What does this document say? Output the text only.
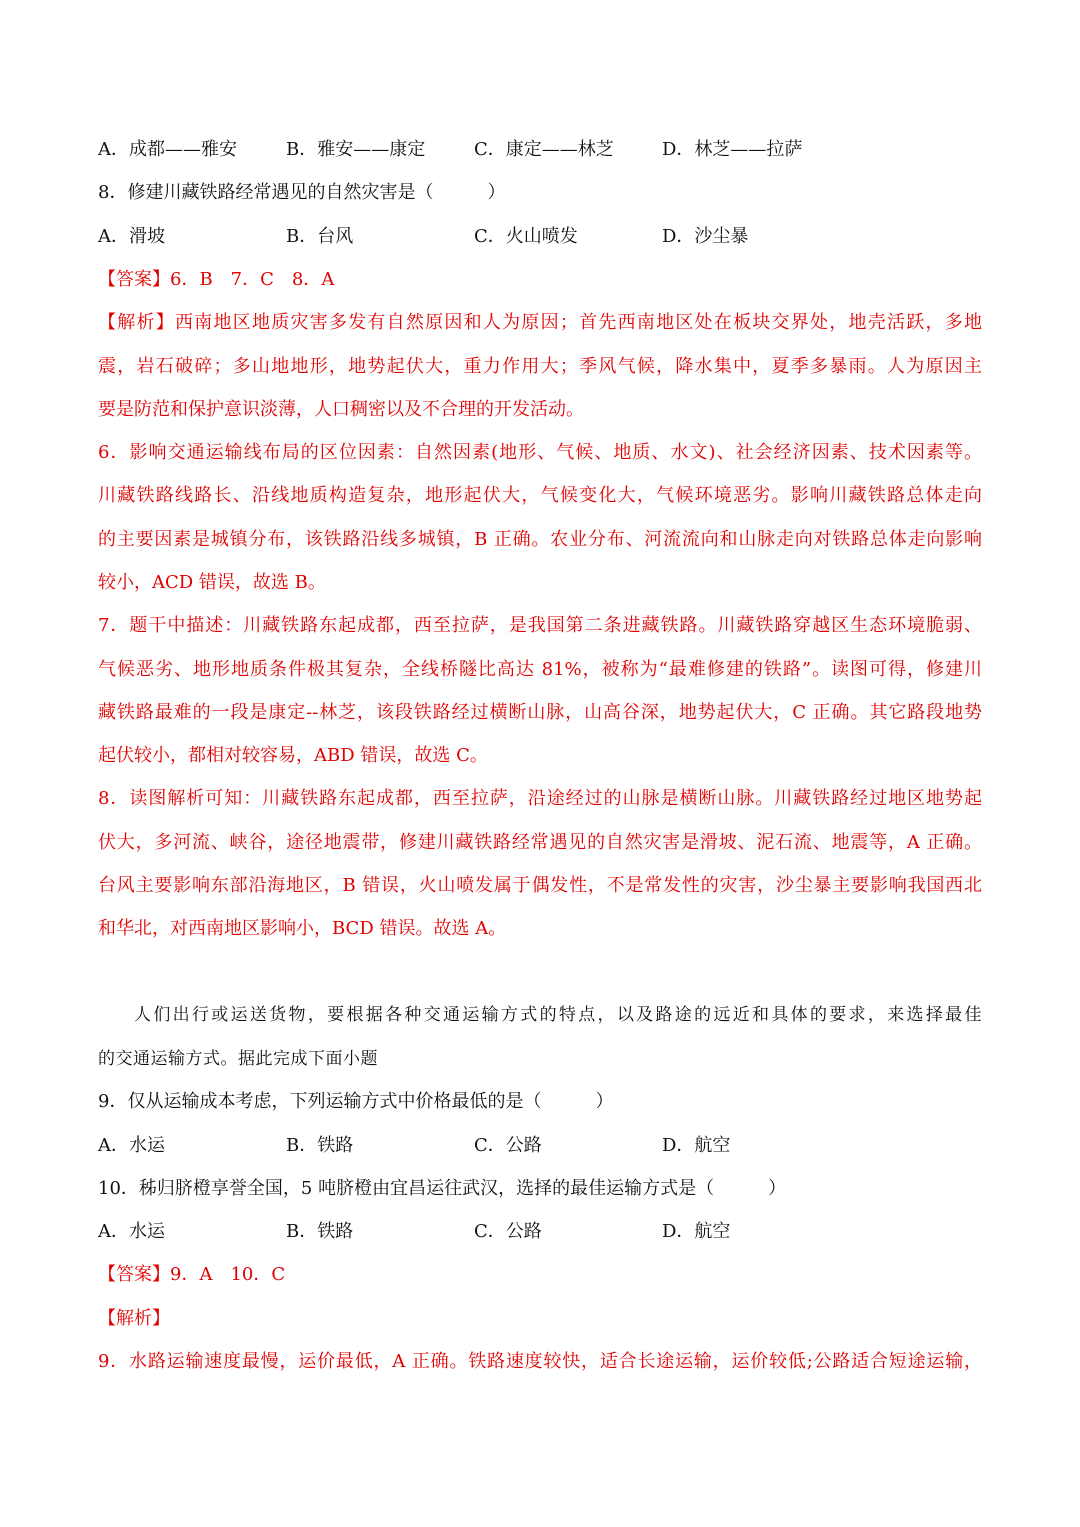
A．成都——雅安	B．雅安——康定	C．康定——林芝	D．林芝——拉萨
8．修建川藏铁路经常遇见的自然灾害是（　　　）
A．滑坡	B．台风	C．火山喷发	D．沙尘暴
【答案】6．B　7．C　8．A
【解析】西南地区地质灾害多发有自然原因和人为原因；首先西南地区处在板块交界处，地壳活跃，多地
震，岩石破碎；多山地地形，地势起伏大，重力作用大；季风气候，降水集中，夏季多暴雨。人为原因主
要是防范和保护意识淡薄，人口稠密以及不合理的开发活动。
6．影响交通运输线布局的区位因素：自然因素(地形、气候、地质、水文)、社会经济因素、技术因素等。
川藏铁路线路长、沿线地质构造复杂，地形起伏大，气候变化大，气候环境恶劣。影响川藏铁路总体走向
的主要因素是城镇分布，该铁路沿线多城镇，B 正确。农业分布、河流流向和山脉走向对铁路总体走向影响
较小，ACD 错误，故选 B。
7．题干中描述：川藏铁路东起成都，西至拉萨，是我国第二条进藏铁路。川藏铁路穿越区生态环境脆弱、
气候恶劣、地形地质条件极其复杂，全线桥隧比高达 81%，被称为“最难修建的铁路”。读图可得，修建川
藏铁路最难的一段是康定--林芝，该段铁路经过横断山脉，山高谷深，地势起伏大，C 正确。其它路段地势
起伏较小，都相对较容易，ABD 错误，故选 C。
8．读图解析可知：川藏铁路东起成都，西至拉萨，沿途经过的山脉是横断山脉。川藏铁路经过地区地势起
伏大，多河流、峡谷，途径地震带，修建川藏铁路经常遇见的自然灾害是滑坡、泥石流、地震等，A 正确。
台风主要影响东部沿海地区，B 错误，火山喷发属于偶发性，不是常发性的灾害，沙尘暴主要影响我国西北
和华北，对西南地区影响小，BCD 错误。故选 A。
人们出行或运送货物，要根据各种交通运输方式的特点，以及路途的远近和具体的要求，来选择最佳
的交通运输方式。据此完成下面小题
9．仅从运输成本考虑，下列运输方式中价格最低的是（　　　）
A．水运	B．铁路	C．公路	D．航空
10．秭归脐橙享誉全国，5 吨脐橙由宜昌运往武汉，选择的最佳运输方式是（　　　）
A．水运	B．铁路	C．公路	D．航空
【答案】9．A　10．C
【解析】
9．水路运输速度最慢，运价最低，A 正确。铁路速度较快，适合长途运输，运价较低;公路适合短途运输，
